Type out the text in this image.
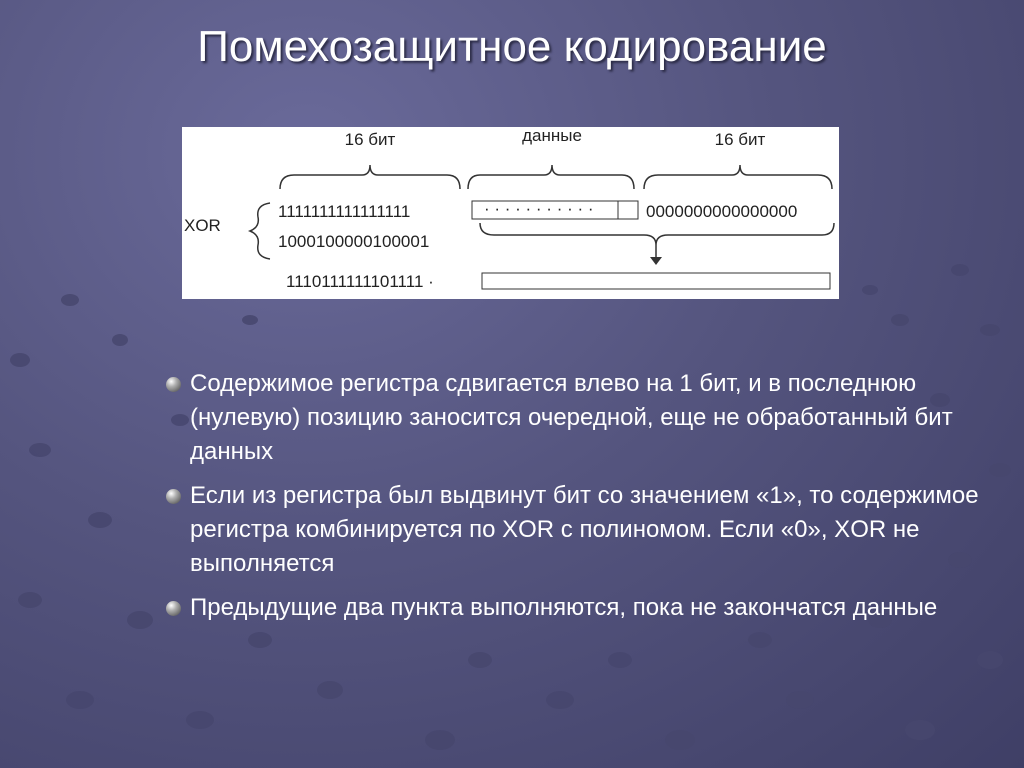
Помехозащитное кодирование
16 бит	данные	16 бит
XOR
1111111111111111	· · · · · · · · · · ·	0000000000000000
1000100000100001
1110111111101111 ·
Содержимое регистра сдвигается влево на 1 бит, и в последнюю (нулевую) позицию заносится очередной, еще не обработанный бит данных
Если из регистра был выдвинут бит со значением «1», то содержимое регистра комбинируется по XOR с полиномом. Если «0», XOR не выполняется
Предыдущие два пункта выполняются, пока не закончатся данные
